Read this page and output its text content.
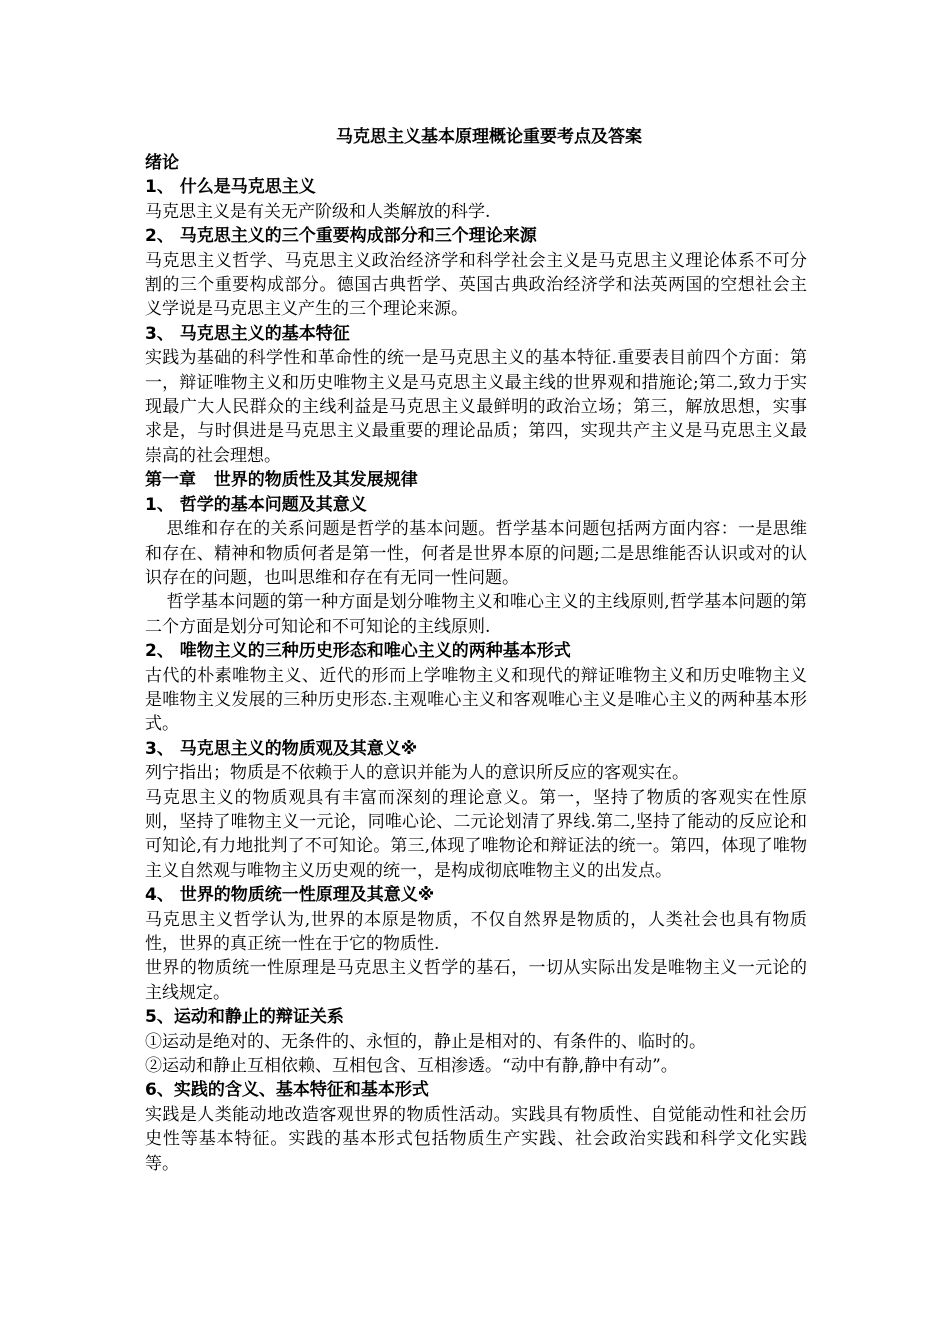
马克思主义基本原理概论重要考点及答案
绪论
1、 什么是马克思主义
马克思主义是有关无产阶级和人类解放的科学.
2、 马克思主义的三个重要构成部分和三个理论来源
马克思主义哲学、马克思主义政治经济学和科学社会主义是马克思主义理论体系不可分割的三个重要构成部分。德国古典哲学、英国古典政治经济学和法英两国的空想社会主义学说是马克思主义产生的三个理论来源。
3、 马克思主义的基本特征
实践为基础的科学性和革命性的统一是马克思主义的基本特征.重要表目前四个方面：第一，辩证唯物主义和历史唯物主义是马克思主义最主线的世界观和措施论;第二,致力于实现最广大人民群众的主线利益是马克思主义最鲜明的政治立场；第三，解放思想，实事求是，与时俱进是马克思主义最重要的理论品质；第四，实现共产主义是马克思主义最崇高的社会理想。
第一章   世界的物质性及其发展规律
1、 哲学的基本问题及其意义
思维和存在的关系问题是哲学的基本问题。哲学基本问题包括两方面内容：一是思维和存在、精神和物质何者是第一性，何者是世界本原的问题;二是思维能否认识或对的认识存在的问题，也叫思维和存在有无同一性问题。
哲学基本问题的第一种方面是划分唯物主义和唯心主义的主线原则,哲学基本问题的第二个方面是划分可知论和不可知论的主线原则.
2、 唯物主义的三种历史形态和唯心主义的两种基本形式
古代的朴素唯物主义、近代的形而上学唯物主义和现代的辩证唯物主义和历史唯物主义是唯物主义发展的三种历史形态.主观唯心主义和客观唯心主义是唯心主义的两种基本形式。
3、 马克思主义的物质观及其意义※
列宁指出；物质是不依赖于人的意识并能为人的意识所反应的客观实在。
马克思主义的物质观具有丰富而深刻的理论意义。第一，坚持了物质的客观实在性原则，坚持了唯物主义一元论，同唯心论、二元论划清了界线.第二,坚持了能动的反应论和可知论,有力地批判了不可知论。第三,体现了唯物论和辩证法的统一。第四，体现了唯物主义自然观与唯物主义历史观的统一，是构成彻底唯物主义的出发点。
4、 世界的物质统一性原理及其意义※
马克思主义哲学认为,世界的本原是物质，不仅自然界是物质的，人类社会也具有物质性，世界的真正统一性在于它的物质性.
世界的物质统一性原理是马克思主义哲学的基石，一切从实际出发是唯物主义一元论的主线规定。
5、运动和静止的辩证关系
①运动是绝对的、无条件的、永恒的，静止是相对的、有条件的、临时的。
②运动和静止互相依赖、互相包含、互相渗透。“动中有静,静中有动”。
6、实践的含义、基本特征和基本形式
实践是人类能动地改造客观世界的物质性活动。实践具有物质性、自觉能动性和社会历史性等基本特征。实践的基本形式包括物质生产实践、社会政治实践和科学文化实践等。
